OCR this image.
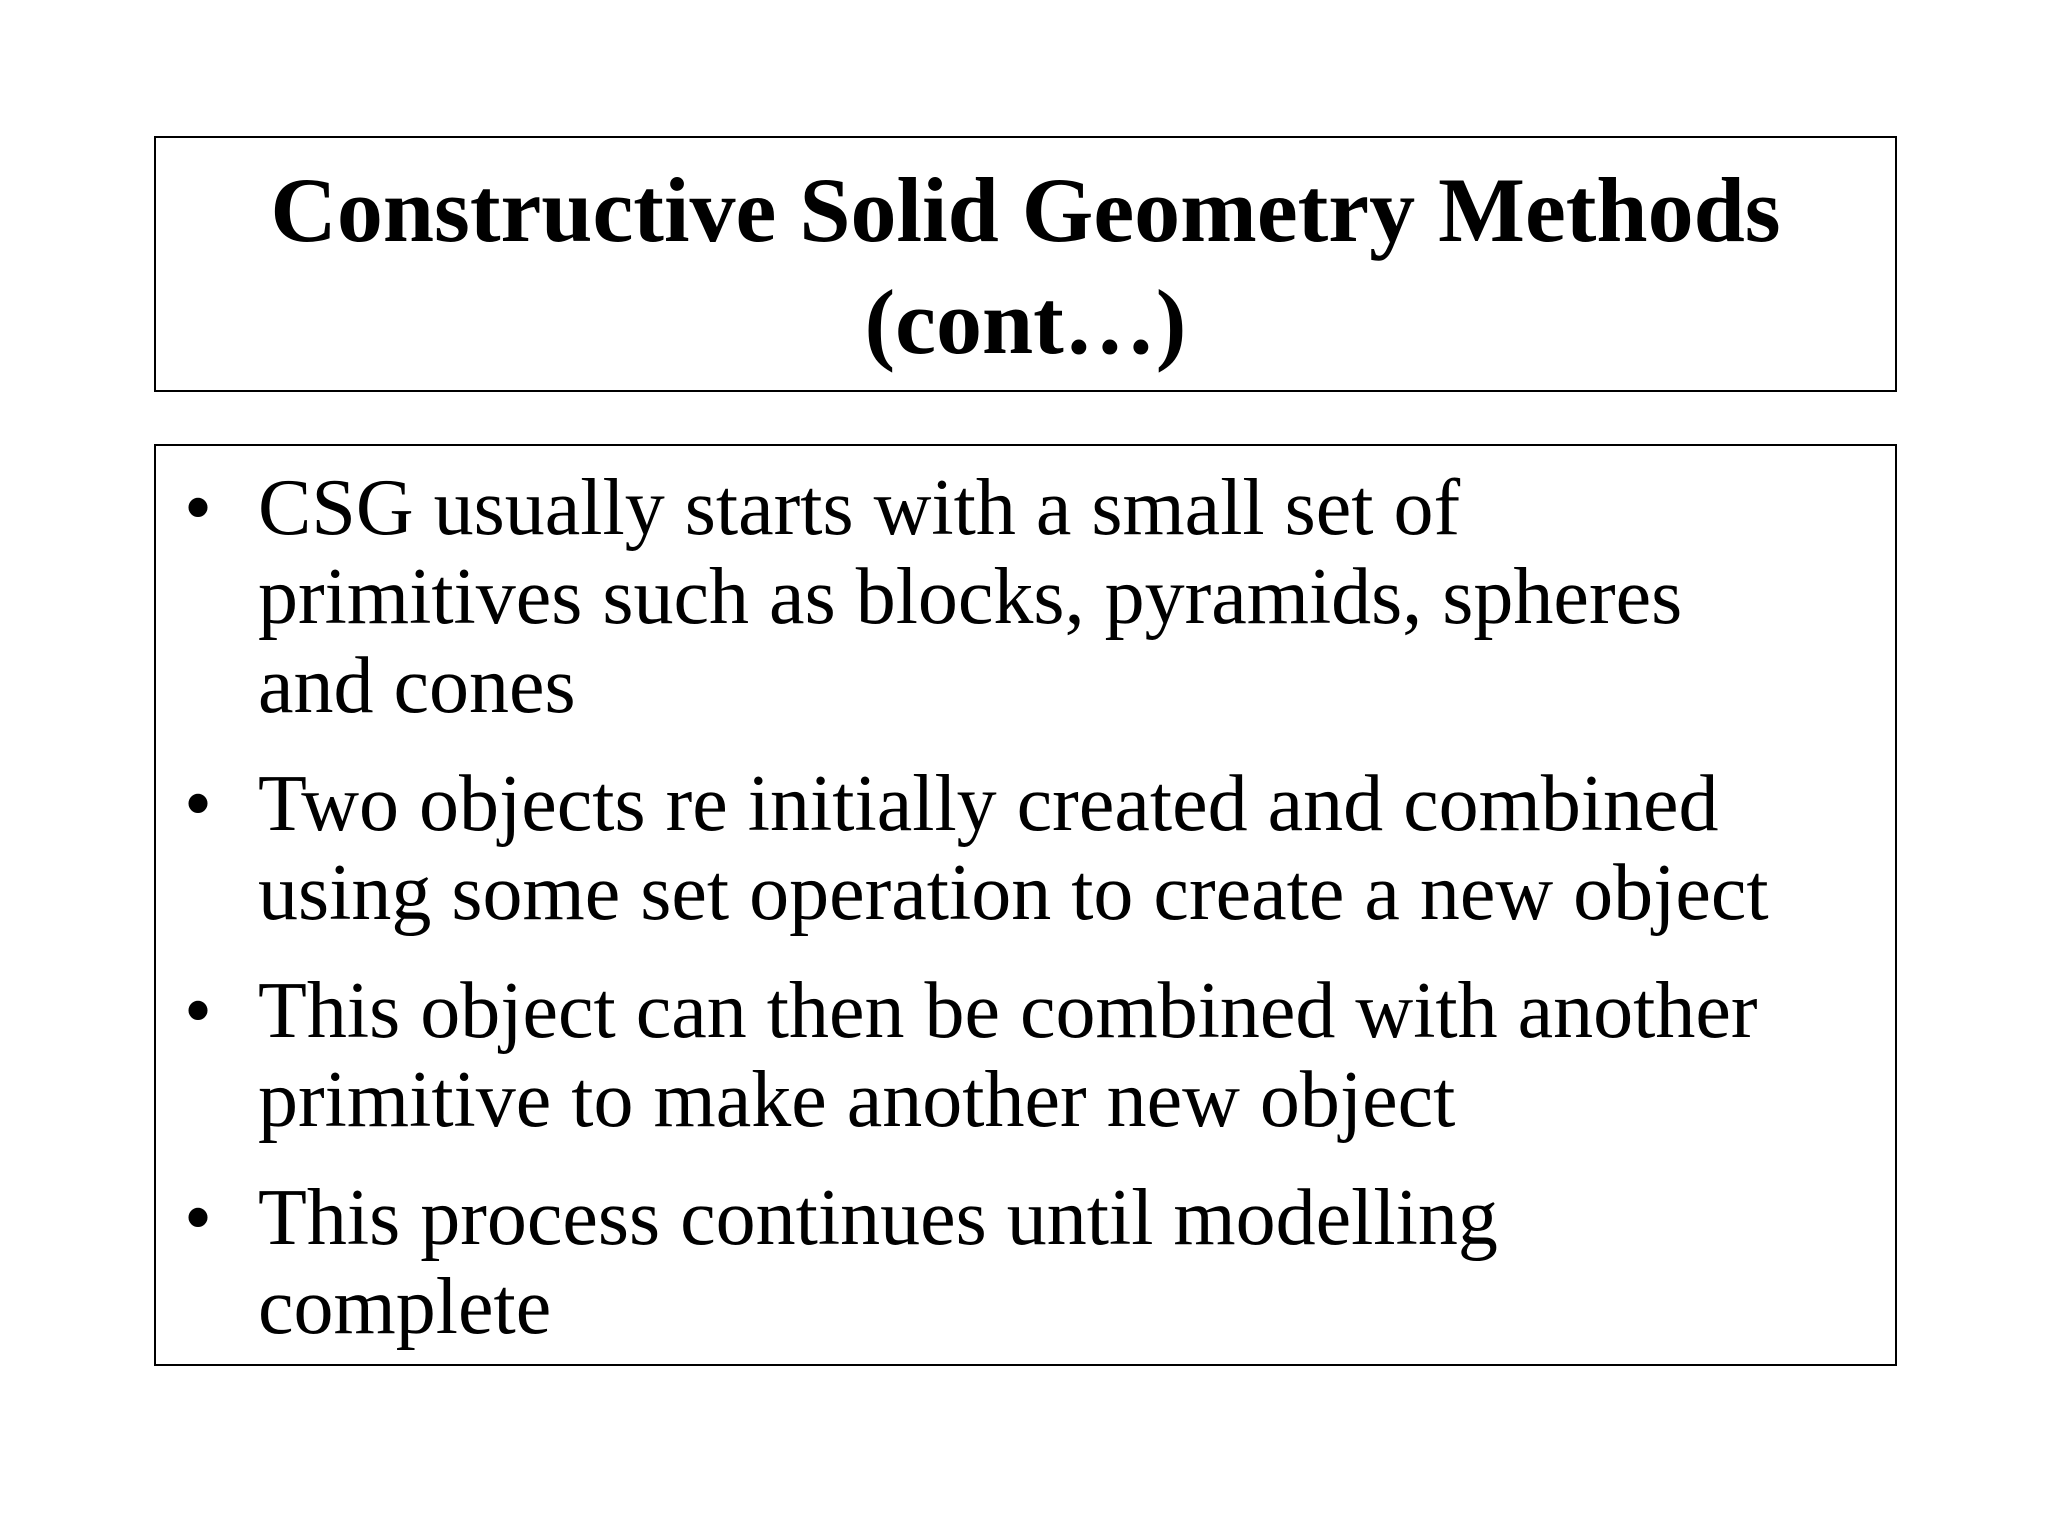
Constructive Solid Geometry Methods
(cont…)
• CSG usually starts with a small set of
primitives such as blocks, pyramids, spheres
and cones
• Two objects re initially created and combined
using some set operation to create a new object
• This object can then be combined with another
primitive to make another new object
• This process continues until modelling
complete
